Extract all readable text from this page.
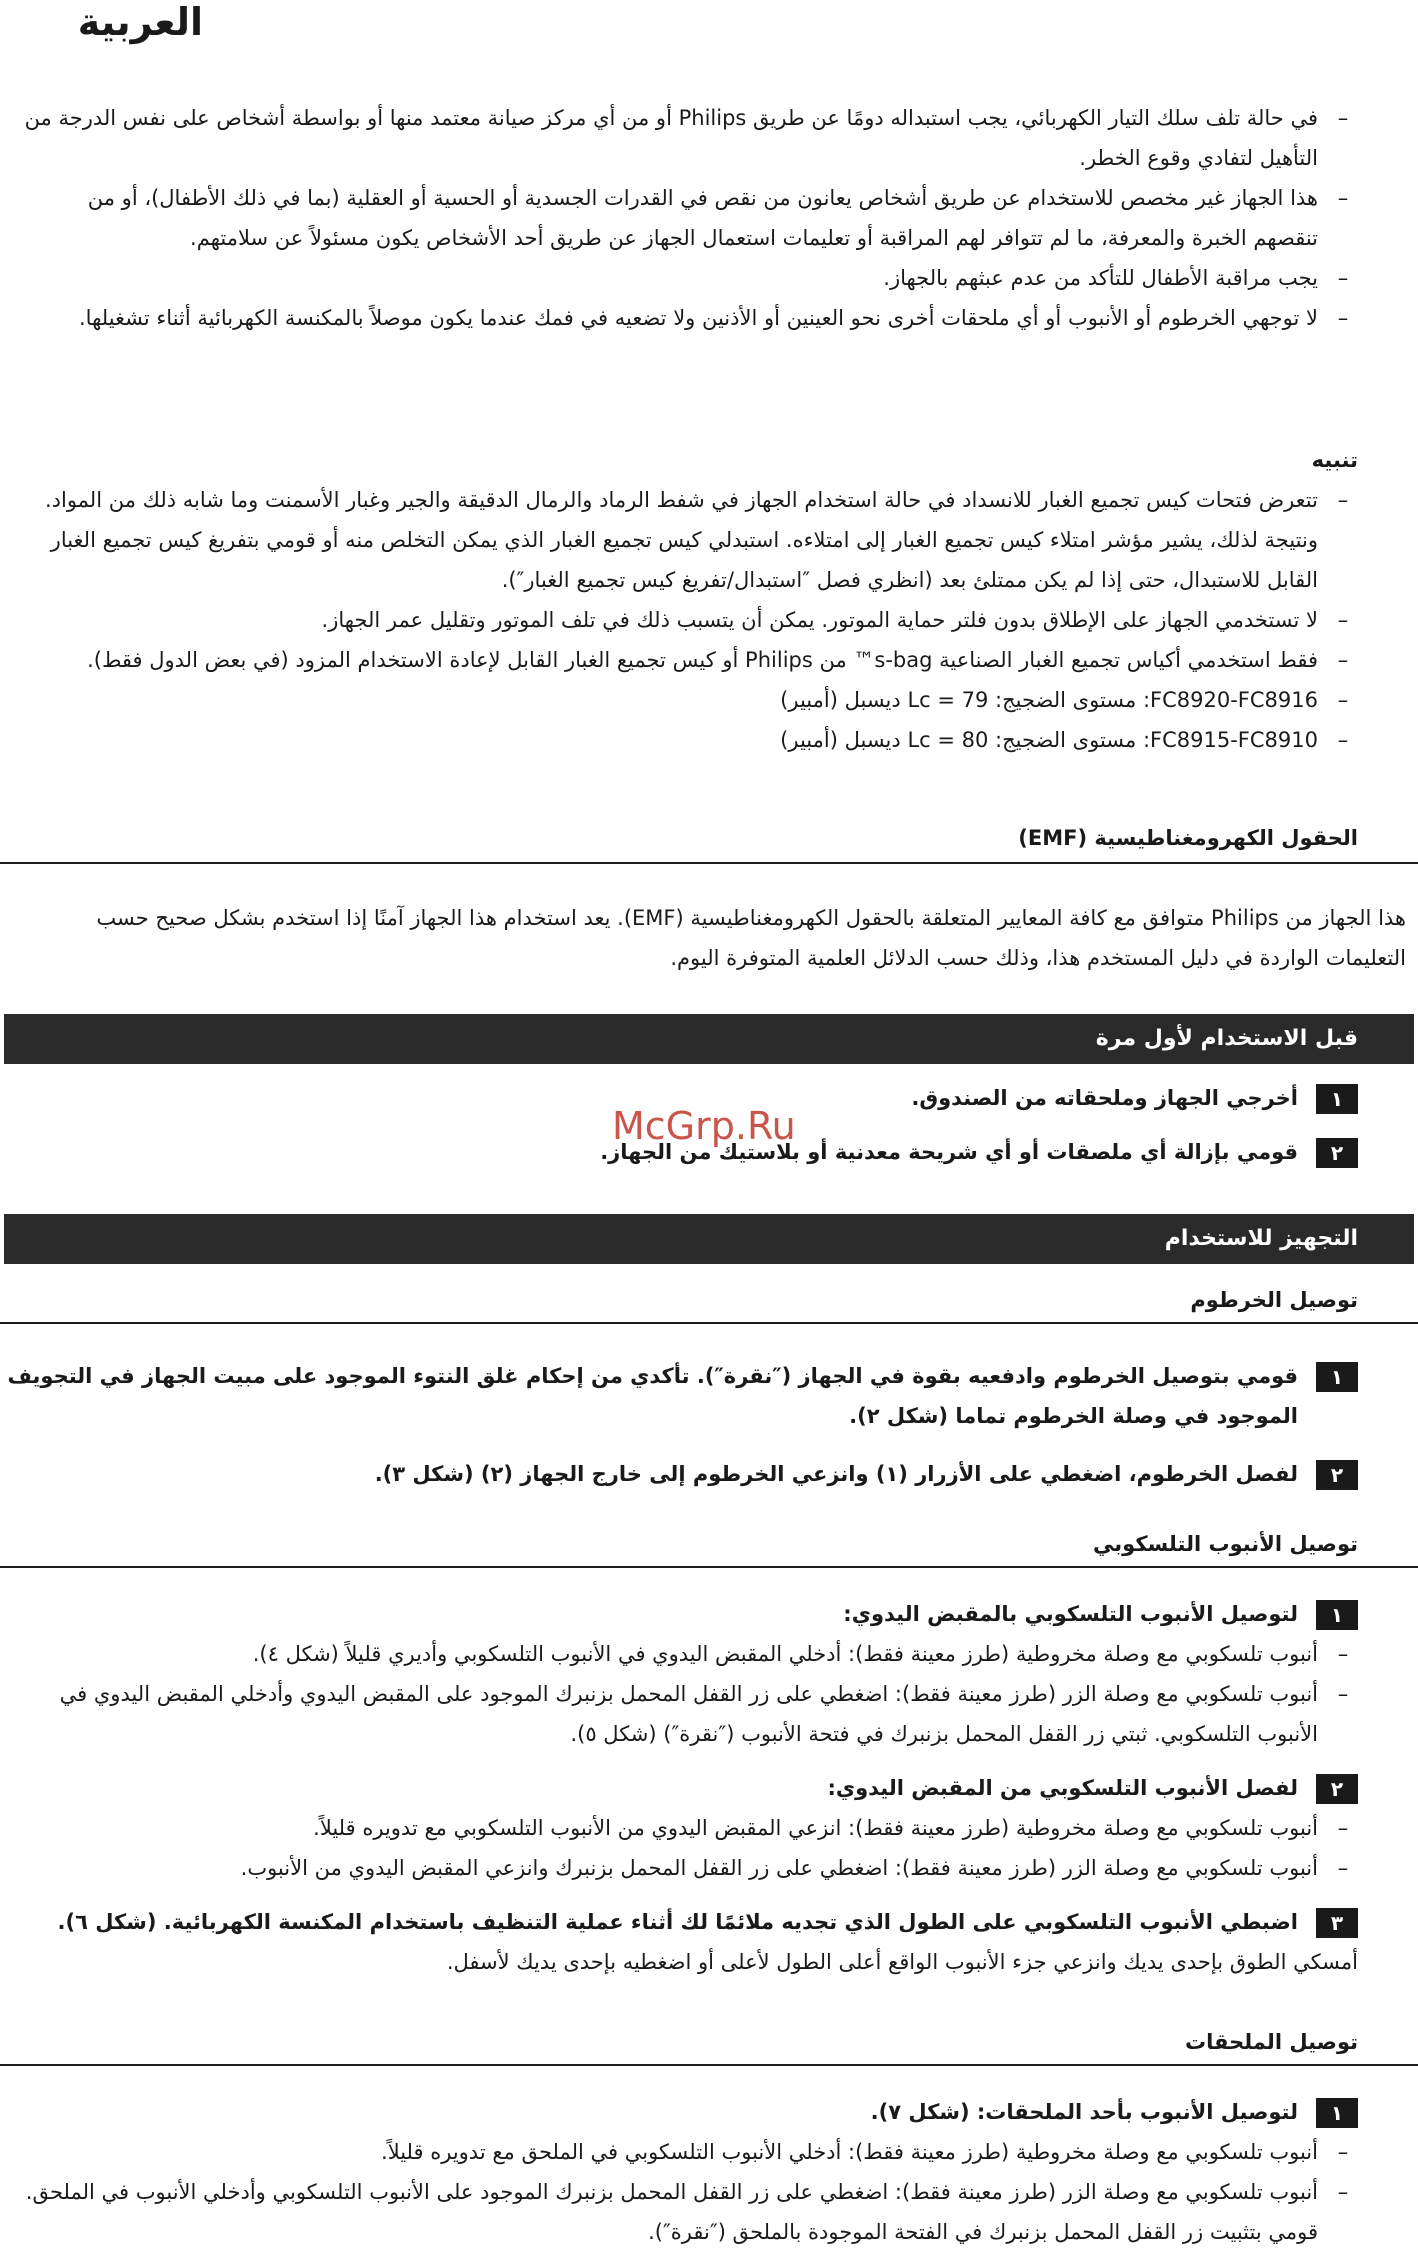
العربية
–
في حالة تلف سلك التيار الكهربائي، يجب استبداله دومًا عن طريق Philips أو من أي مركز صيانة معتمد منها أو بواسطة أشخاص على نفس الدرجة من التأهيل لتفادي وقوع الخطر.
–
هذا الجهاز غير مخصص للاستخدام عن طريق أشخاص يعانون من نقص في القدرات الجسدية أو الحسية أو العقلية (بما في ذلك الأطفال)، أو من تنقصهم الخبرة والمعرفة، ما لم تتوافر لهم المراقبة أو تعليمات استعمال الجهاز عن طريق أحد الأشخاص يكون مسئولاً عن سلامتهم.
–
يجب مراقبة الأطفال للتأكد من عدم عبثهم بالجهاز.
–
لا توجهي الخرطوم أو الأنبوب أو أي ملحقات أخرى نحو العينين أو الأذنين ولا تضعيه في فمك عندما يكون موصلاً بالمكنسة الكهربائية أثناء تشغيلها.
تنبيه
–
تتعرض فتحات كيس تجميع الغبار للانسداد في حالة استخدام الجهاز في شفط الرماد والرمال الدقيقة والجير وغبار الأسمنت وما شابه ذلك من المواد. ونتيجة لذلك، يشير مؤشر امتلاء كيس تجميع الغبار إلى امتلاءه. استبدلي كيس تجميع الغبار الذي يمكن التخلص منه أو قومي بتفريغ كيس تجميع الغبار القابل للاستبدال، حتى إذا لم يكن ممتلئ بعد (انظري فصل ″استبدال/تفريغ كيس تجميع الغبار″).
–
لا تستخدمي الجهاز على الإطلاق بدون فلتر حماية الموتور. يمكن أن يتسبب ذلك في تلف الموتور وتقليل عمر الجهاز.
–
فقط استخدمي أكياس تجميع الغبار الصناعية s-bag™ من Philips أو كيس تجميع الغبار القابل لإعادة الاستخدام المزود (في بعض الدول فقط).
–
FC8920-FC8916: مستوى الضجيج: Lc = 79 ديسبل (أمبير)
–
FC8915-FC8910: مستوى الضجيج: Lc = 80 ديسبل (أمبير)
الحقول الكهرومغناطيسية (EMF)
هذا الجهاز من Philips متوافق مع كافة المعايير المتعلقة بالحقول الكهرومغناطيسية (EMF). يعد استخدام هذا الجهاز آمنًا إذا استخدم بشكل صحيح حسب التعليمات الواردة في دليل المستخدم هذا، وذلك حسب الدلائل العلمية المتوفرة اليوم.
قبل الاستخدام لأول مرة
١
أخرجي الجهاز وملحقاته من الصندوق.
٢
قومي بإزالة أي ملصقات أو أي شريحة معدنية أو بلاستيك من الجهاز.
McGrp.Ru
التجهيز للاستخدام
توصيل الخرطوم
١
قومي بتوصيل الخرطوم وادفعيه بقوة في الجهاز (″نقرة″). تأكدي من إحكام غلق النتوء الموجود على مبيت الجهاز في التجويف الموجود في وصلة الخرطوم تماما (شكل ٢).
٢
لفصل الخرطوم، اضغطي على الأزرار (١) وانزعي الخرطوم إلى خارج الجهاز (٢) (شكل ٣).
توصيل الأنبوب التلسكوبي
١
لتوصيل الأنبوب التلسكوبي بالمقبض اليدوي:
–
أنبوب تلسكوبي مع وصلة مخروطية (طرز معينة فقط): أدخلي المقبض اليدوي في الأنبوب التلسكوبي وأديري قليلاً (شكل ٤).
–
أنبوب تلسكوبي مع وصلة الزر (طرز معينة فقط): اضغطي على زر القفل المحمل بزنبرك الموجود على المقبض اليدوي وأدخلي المقبض اليدوي في الأنبوب التلسكوبي. ثبتي زر القفل المحمل بزنبرك في فتحة الأنبوب (″نقرة″) (شكل ٥).
٢
لفصل الأنبوب التلسكوبي من المقبض اليدوي:
–
أنبوب تلسكوبي مع وصلة مخروطية (طرز معينة فقط): انزعي المقبض اليدوي من الأنبوب التلسكوبي مع تدويره قليلاً.
–
أنبوب تلسكوبي مع وصلة الزر (طرز معينة فقط): اضغطي على زر القفل المحمل بزنبرك وانزعي المقبض اليدوي من الأنبوب.
٣
اضبطي الأنبوب التلسكوبي على الطول الذي تجديه ملائمًا لك أثناء عملية التنظيف باستخدام المكنسة الكهربائية. (شكل ٦).
أمسكي الطوق بإحدى يديك وانزعي جزء الأنبوب الواقع أعلى الطول لأعلى أو اضغطيه بإحدى يديك لأسفل.
توصيل الملحقات
١
لتوصيل الأنبوب بأحد الملحقات: (شكل ٧).
–
أنبوب تلسكوبي مع وصلة مخروطية (طرز معينة فقط): أدخلي الأنبوب التلسكوبي في الملحق مع تدويره قليلاً.
–
أنبوب تلسكوبي مع وصلة الزر (طرز معينة فقط): اضغطي على زر القفل المحمل بزنبرك الموجود على الأنبوب التلسكوبي وأدخلي الأنبوب في الملحق. قومي بتثبيت زر القفل المحمل بزنبرك في الفتحة الموجودة بالملحق (″نقرة″).
